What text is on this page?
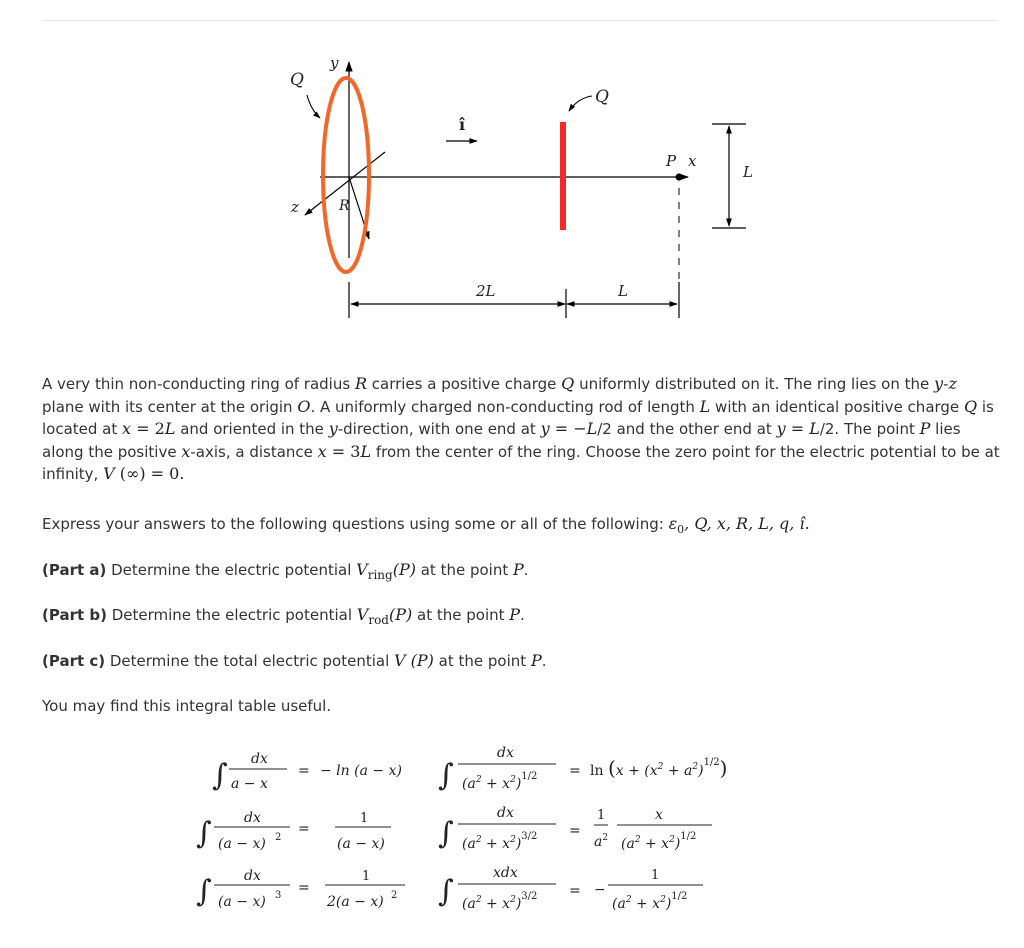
Q
y
z	R
î
Q
P x
L
2L	L
A very thin non-conducting ring of radius R carries a positive charge Q uniformly distributed on it. The ring lies on the y-z plane with its center at the origin O. A uniformly charged non-conducting rod of length L with an identical positive charge Q is located at x = 2L and oriented in the y-direction, with one end at y = −L/2 and the other end at y = L/2. The point P lies along the positive x-axis, a distance x = 3L from the center of the ring. Choose the zero point for the electric potential to be at infinity, V (∞) = 0.
Express your answers to the following questions using some or all of the following: $\varepsilon_0$, Q, x, R, L, q, î.
(Part a) Determine the electric potential $V_{ring}(P)$ at the point P.
(Part b) Determine the electric potential $V_{rod}(P)$ at the point P.
(Part c) Determine the total electric potential V (P) at the point P.
You may find this integral table useful.
∫ dx
a − x
= − ln (a − x)
∫ dx
(a − x) 2
=
1
(a − x)
∫ dx
(a − x) 3 =
1
2(a − x) 2
∫
dx
$(a^2 + x^2)^{1/2} = \ln (x + (x^2 + a^2)^{1/2})$
∫
dx
$(a^2 + x^2)^{3/2}$ =
1
$a^2$
x
$(a^2 + x^2)^{1/2}$
∫
xdx
$(a^2 + x^2)^{3/2}$ = −
1
$(a^2 + x^2)^{1/2}$
